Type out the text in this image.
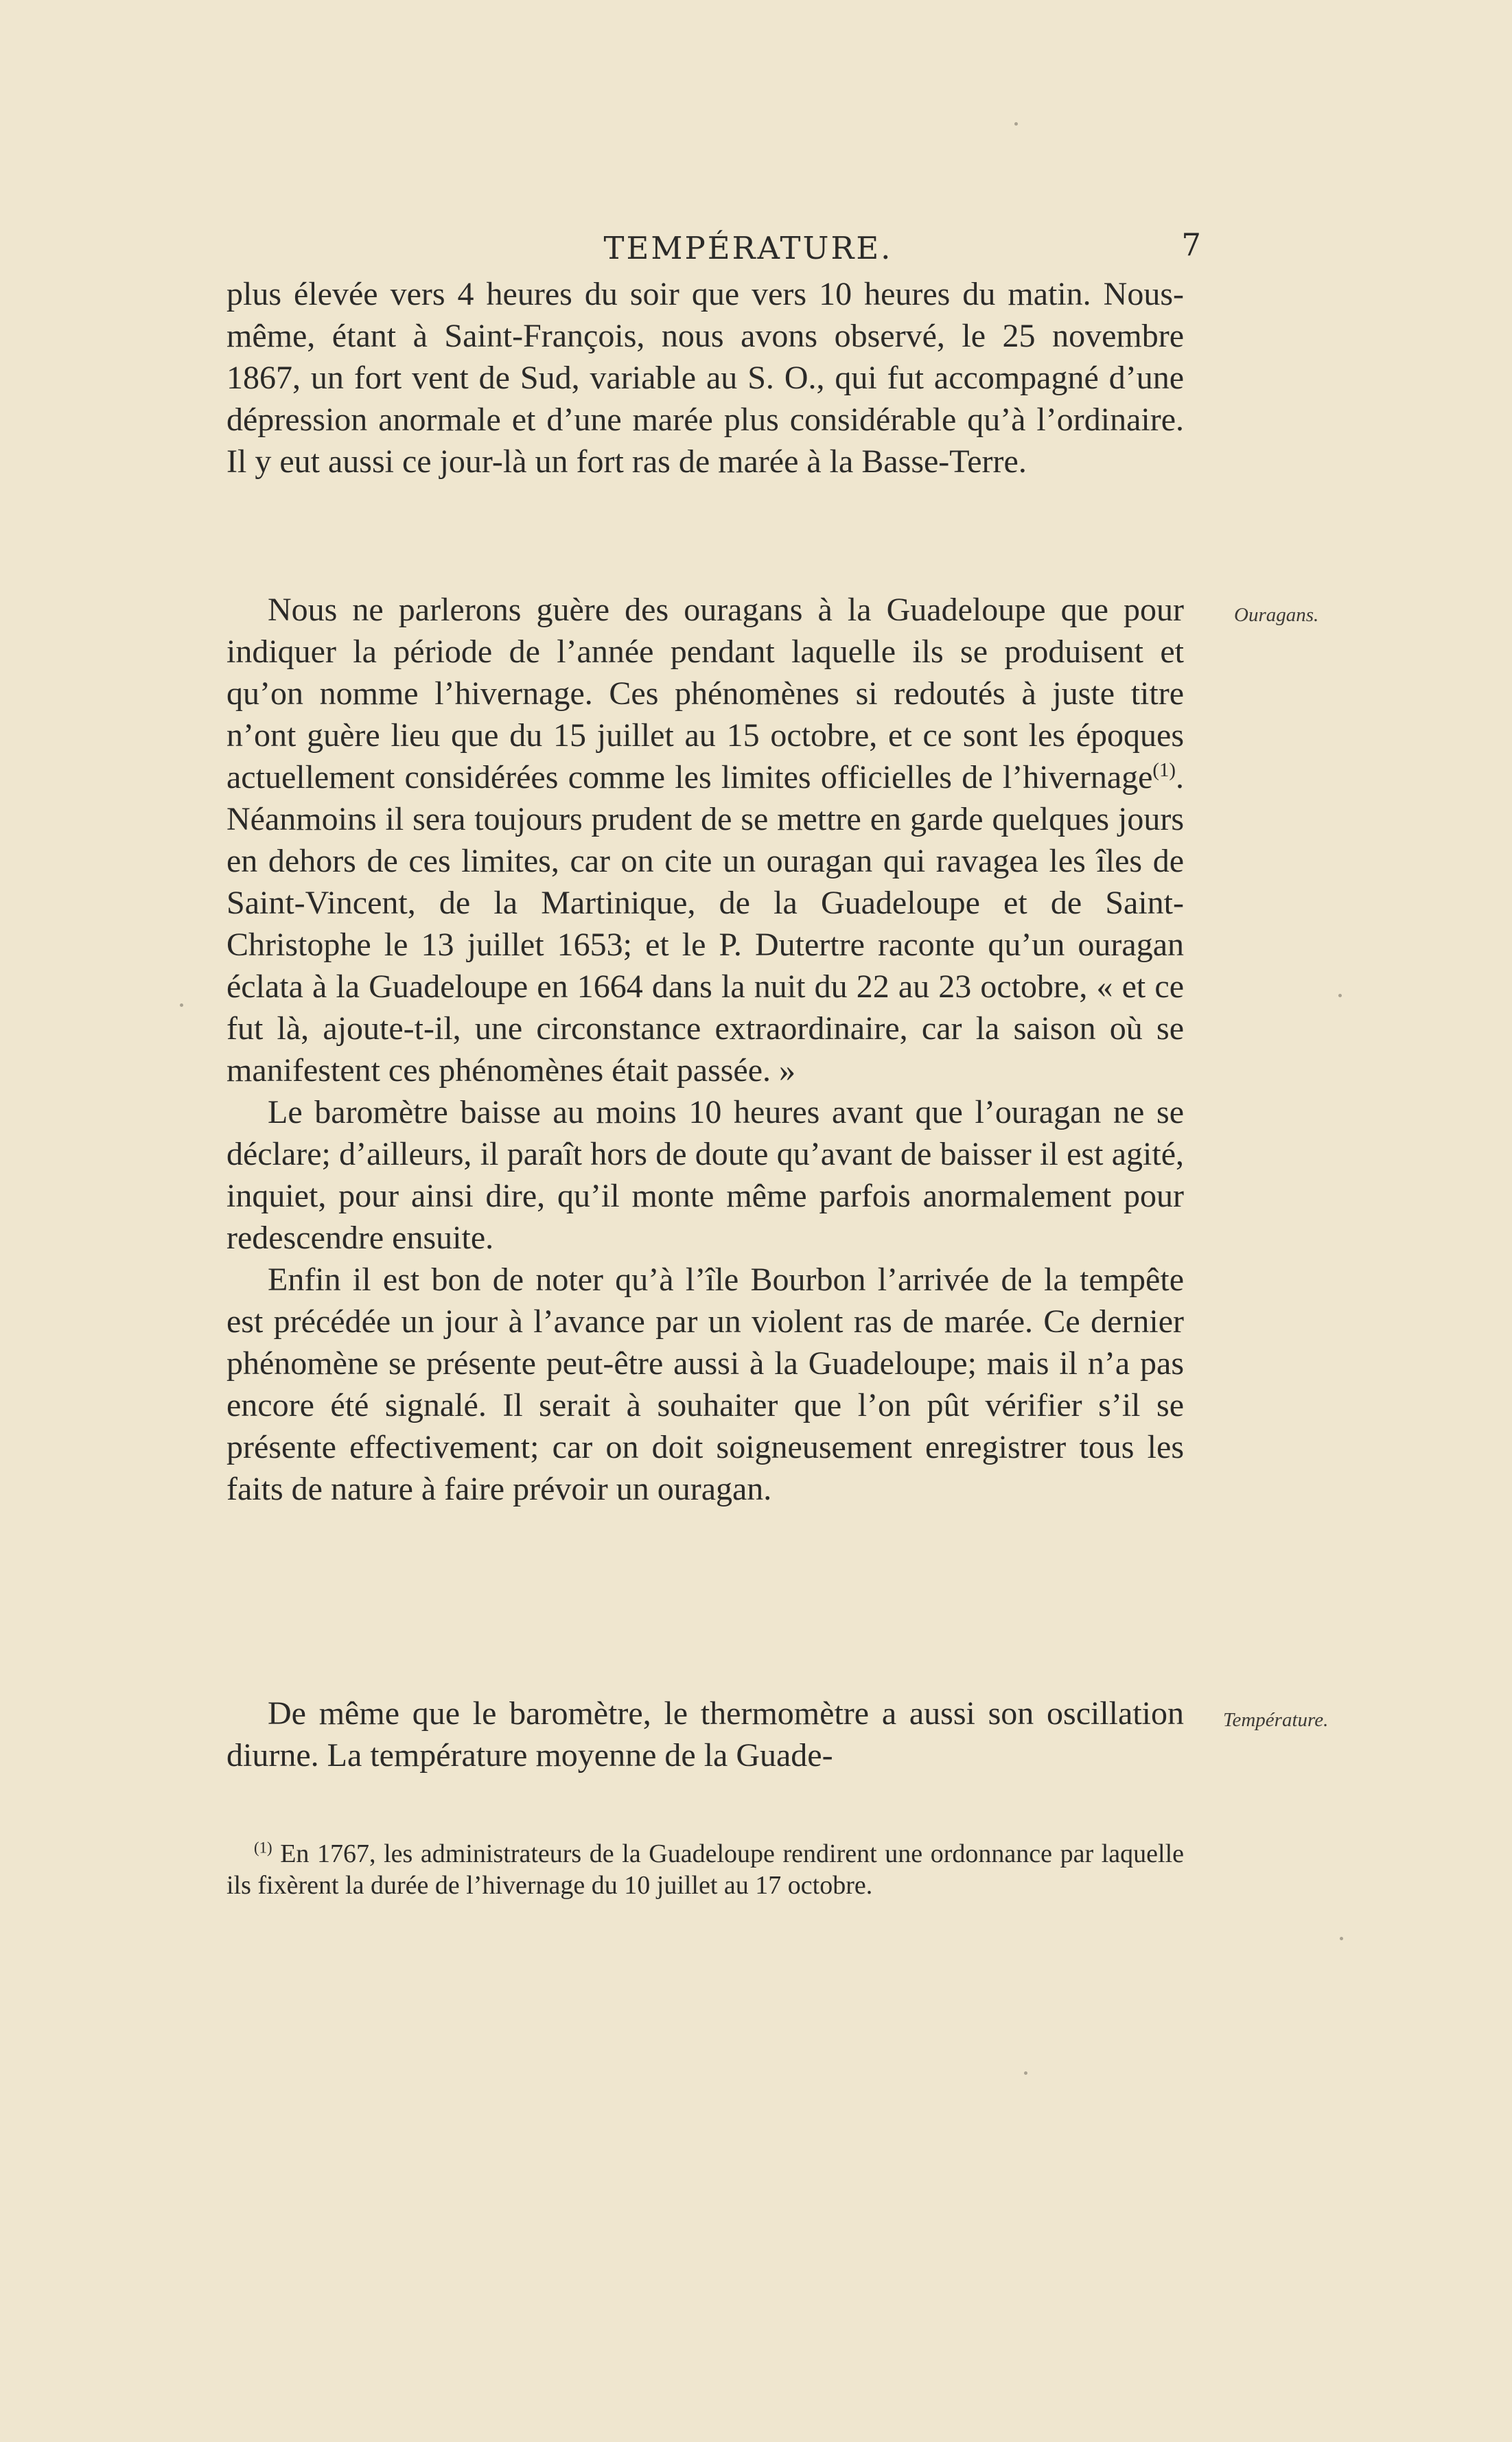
TEMPÉRATURE.	7

plus élevée vers 4 heures du soir que vers 10 heures du matin. Nous-même, étant à Saint-François, nous avons observé, le 25 novembre 1867, un fort vent de Sud, variable au S. O., qui fut accompagné d’une dépression anormale et d’une marée plus considérable qu’à l’ordinaire. Il y eut aussi ce jour-là un fort ras de marée à la Basse-Terre.

Nous ne parlerons guère des ouragans à la Guadeloupe que pour indiquer la période de l’année pendant laquelle ils se produisent et qu’on nomme l’hivernage. Ces phénomènes si redoutés à juste titre n’ont guère lieu que du 15 juillet au 15 octobre, et ce sont les époques actuellement considérées comme les limites officielles de l’hivernage$^{(1)}$. Néanmoins il sera toujours prudent de se mettre en garde quelques jours en dehors de ces limites, car on cite un ouragan qui ravagea les îles de Saint-Vincent, de la Martinique, de la Guadeloupe et de Saint-Christophe le 13 juillet 1653; et le P. Dutertre raconte qu’un ouragan éclata à la Guadeloupe en 1664 dans la nuit du 22 au 23 octobre, « et ce fut là, ajoute-t-il, une circonstance extraordinaire, car la saison où se manifestent ces phénomènes était passée. »

Le baromètre baisse au moins 10 heures avant que l’ouragan ne se déclare; d’ailleurs, il paraît hors de doute qu’avant de baisser il est agité, inquiet, pour ainsi dire, qu’il monte même parfois anormalement pour redescendre ensuite.

Enfin il est bon de noter qu’à l’île Bourbon l’arrivée de la tempête est précédée un jour à l’avance par un violent ras de marée. Ce dernier phénomène se présente peut-être aussi à la Guadeloupe; mais il n’a pas encore été signalé. Il serait à souhaiter que l’on pût vérifier s’il se présente effectivement; car on doit soigneusement enregistrer tous les faits de nature à faire prévoir un ouragan.

De même que le baromètre, le thermomètre a aussi son oscillation diurne. La température moyenne de la Guade-

Ouragans.
Température.
$^{(1)}$ En 1767, les administrateurs de la Guadeloupe rendirent une ordonnance par laquelle ils fixèrent la durée de l’hivernage du 10 juillet au 17 octobre.
